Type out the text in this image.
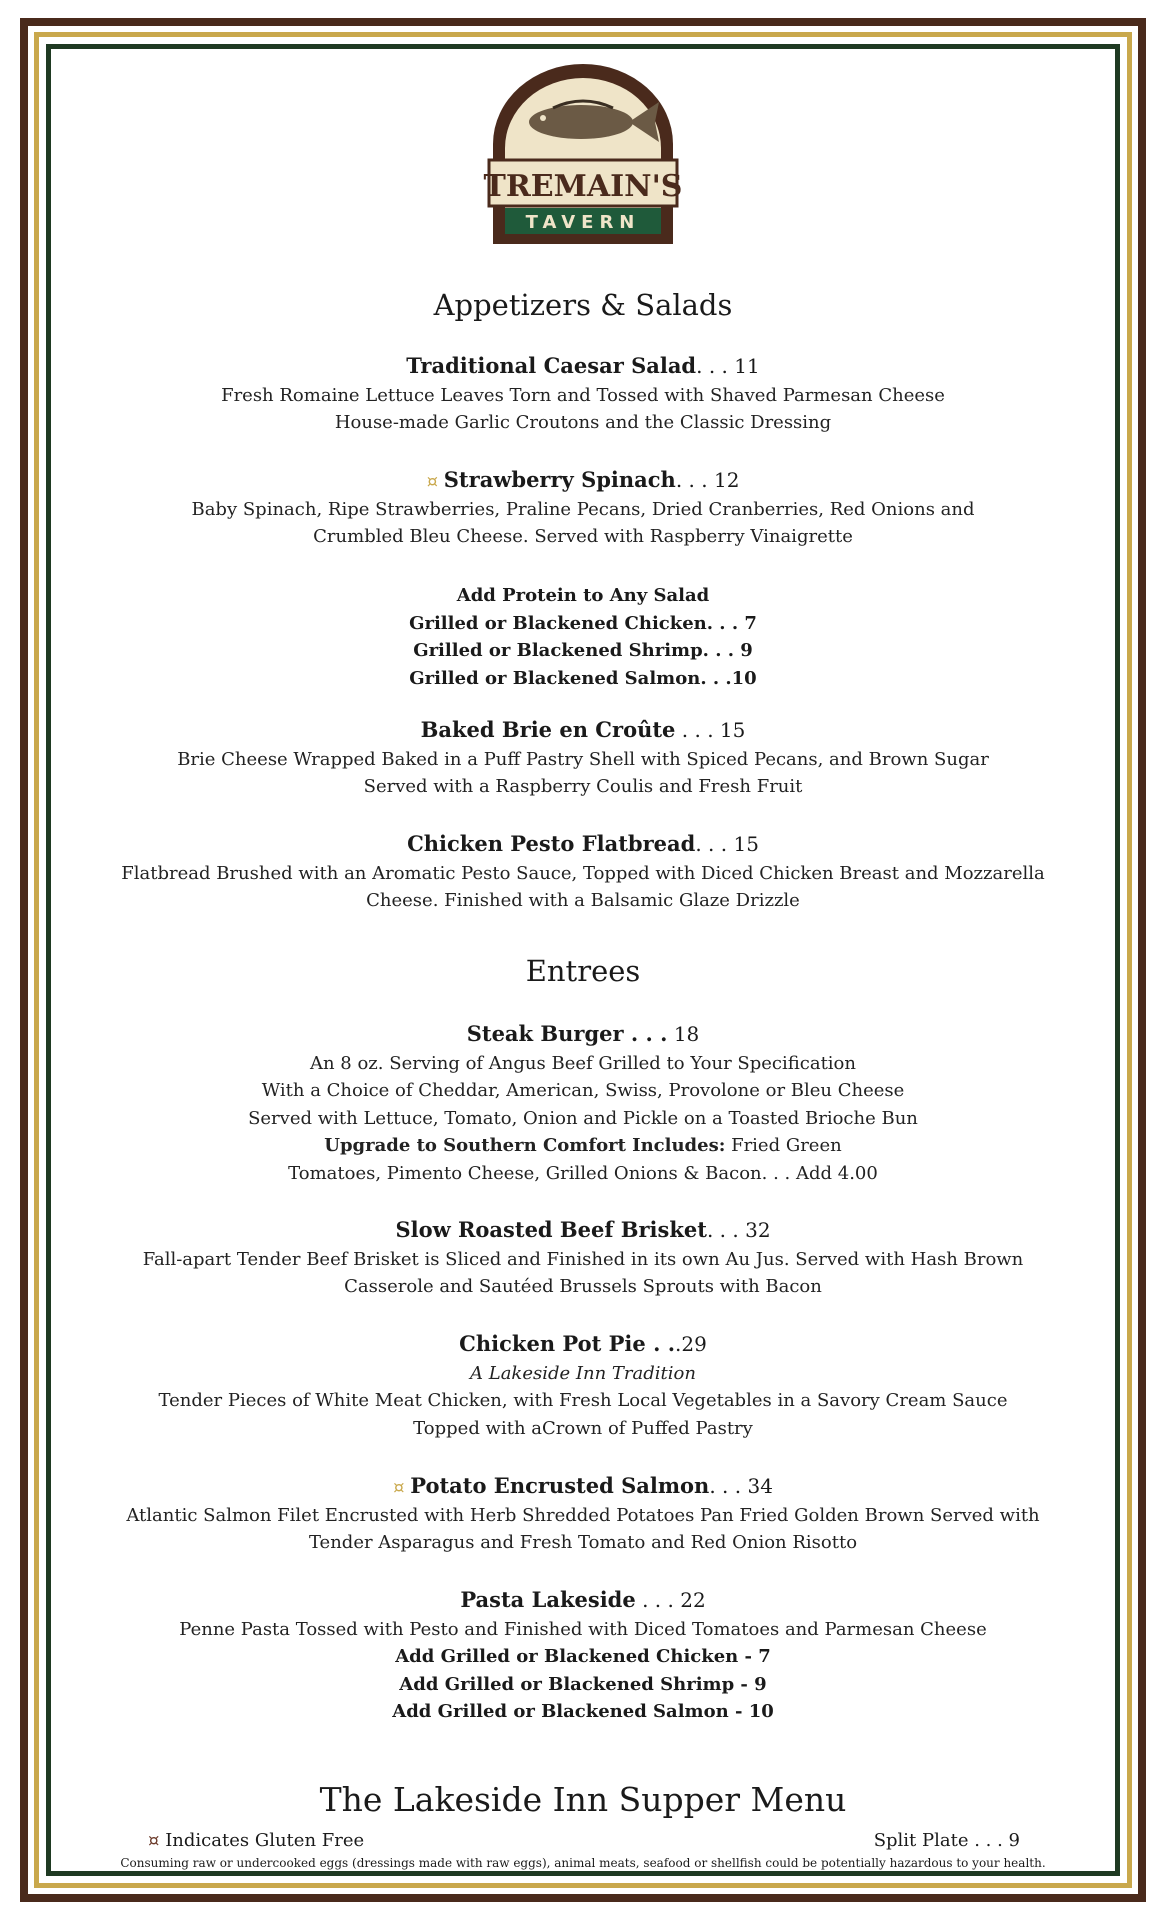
TREMAIN'S
TAVERN
Appetizers & Salads
Traditional Caesar Salad. . . 11
Fresh Romaine Lettuce Leaves Torn and Tossed with Shaved Parmesan Cheese
House-made Garlic Croutons and the Classic Dressing
¤ Strawberry Spinach. . . 12
Baby Spinach, Ripe Strawberries, Praline Pecans, Dried Cranberries, Red Onions and
Crumbled Bleu Cheese. Served with Raspberry Vinaigrette
Add Protein to Any Salad
Grilled or Blackened Chicken. . . 7
Grilled or Blackened Shrimp. . . 9
Grilled or Blackened Salmon. . .10
Baked Brie en Croûte . . . 15
Brie Cheese Wrapped Baked in a Puff Pastry Shell with Spiced Pecans, and Brown Sugar
Served with a Raspberry Coulis and Fresh Fruit
Chicken Pesto Flatbread. . . 15
Flatbread Brushed with an Aromatic Pesto Sauce, Topped with Diced Chicken Breast and Mozzarella
Cheese. Finished with a Balsamic Glaze Drizzle
Entrees
Steak Burger . . . 18
An 8 oz. Serving of Angus Beef Grilled to Your Specification
With a Choice of Cheddar, American, Swiss, Provolone or Bleu Cheese
Served with Lettuce, Tomato, Onion and Pickle on a Toasted Brioche Bun
Upgrade to Southern Comfort Includes: Fried Green
Tomatoes, Pimento Cheese, Grilled Onions & Bacon. . . Add 4.00
Slow Roasted Beef Brisket. . . 32
Fall-apart Tender Beef Brisket is Sliced and Finished in its own Au Jus. Served with Hash Brown
Casserole and Sautéed Brussels Sprouts with Bacon
Chicken Pot Pie . ..29
A Lakeside Inn Tradition
Tender Pieces of White Meat Chicken, with Fresh Local Vegetables in a Savory Cream Sauce
Topped with aCrown of Puffed Pastry
¤ Potato Encrusted Salmon. . . 34
Atlantic Salmon Filet Encrusted with Herb Shredded Potatoes Pan Fried Golden Brown Served with
Tender Asparagus and Fresh Tomato and Red Onion Risotto
Pasta Lakeside . . . 22
Penne Pasta Tossed with Pesto and Finished with Diced Tomatoes and Parmesan Cheese
Add Grilled or Blackened Chicken - 7
Add Grilled or Blackened Shrimp - 9
Add Grilled or Blackened Salmon - 10
The Lakeside Inn Supper Menu
¤ Indicates Gluten Free	Split Plate . . . 9
Consuming raw or undercooked eggs (dressings made with raw eggs), animal meats, seafood or shellfish could be potentially hazardous to your health.
